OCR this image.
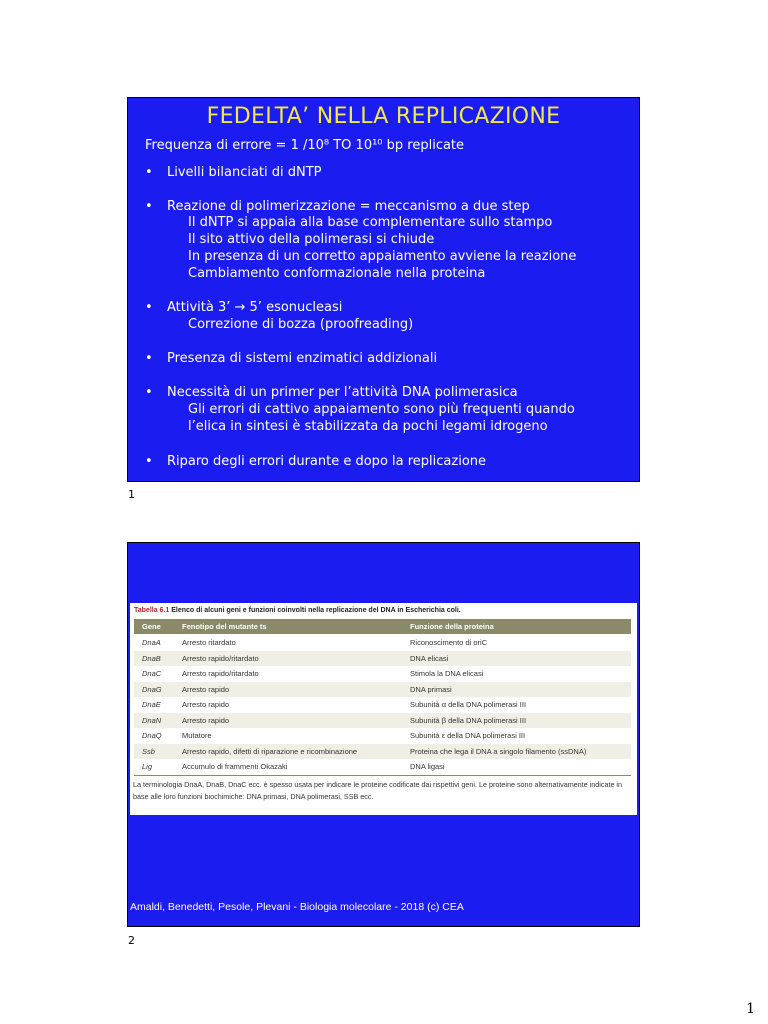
FEDELTA’ NELLA REPLICAZIONE
Frequenza di errore = 1 /10⁸ TO 10¹⁰ bp replicate
• Livelli bilanciati di dNTP
• Reazione di polimerizzazione = meccanismo a due step
Il dNTP si appaia alla base complementare sullo stampo
Il sito attivo della polimerasi si chiude
In presenza di un corretto appaiamento avviene la reazione
Cambiamento conformazionale nella proteina
• Attività 3’ → 5’ esonucleasi
Correzione di bozza (proofreading)
• Presenza di sistemi enzimatici addizionali
• Necessità di un primer per l’attività DNA polimerasica
Gli errori di cattivo appaiamento sono più frequenti quando
l’elica in sintesi è stabilizzata da pochi legami idrogeno
• Riparo degli errori durante e dopo la replicazione
1
Tabella 6.1 Elenco di alcuni geni e funzioni coinvolti nella replicazione del DNA in Escherichia coli.
Gene	Fenotipo del mutante ts	Funzione della proteina
DnaA	Arresto ritardato	Riconoscimento di oriC
DnaB	Arresto rapido/ritardato	DNA elicasi
DnaC	Arresto rapido/ritardato	Stimola la DNA elicasi
DnaG	Arresto rapido	DNA primasi
DnaE	Arresto rapido	Subunità α della DNA polimerasi III
DnaN	Arresto rapido	Subunità β della DNA polimerasi III
DnaQ	Mutatore	Subunità ε della DNA polimerasi III
Ssb	Arresto rapido, difetti di riparazione e ricombinazione	Proteina che lega il DNA a singolo filamento (ssDNA)
Lig	Accumulo di frammenti Okazaki	DNA ligasi
La terminologia DnaA, DnaB, DnaC ecc. è spesso usata per indicare le proteine codificate dai rispettivi geni. Le proteine sono alternativamente indicate in base alle loro funzioni biochimiche: DNA primasi, DNA polimerasi, SSB ecc.
Amaldi, Benedetti, Pesole, Plevani - Biologia molecolare - 2018 (c) CEA
2
1
